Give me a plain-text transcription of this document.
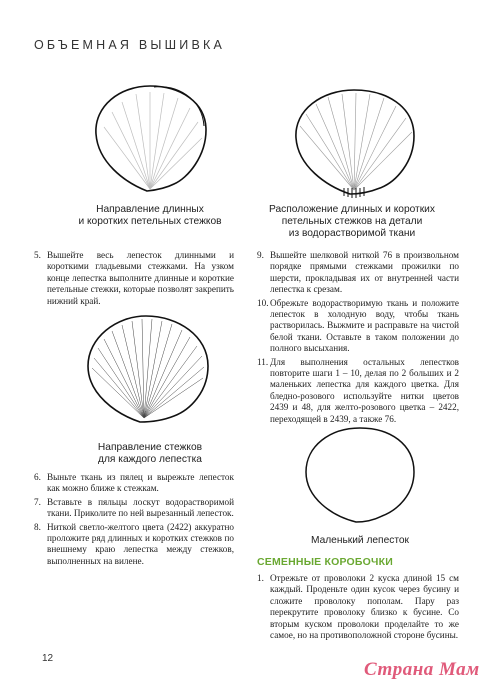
ОБЪЕМНАЯ ВЫШИВКА
Направление длинных
и коротких петельных стежков
Расположение длинных и коротких
петельных стежков на детали
из водорастворимой ткани
5. Вышейте весь лепесток длинными и короткими гладьевыми стежками. На узком конце лепестка выполните длинные и короткие петельные стежки, которые позволят закрепить нижний край.
Направление стежков
для каждого лепестка
6. Выньте ткань из пялец и вырежьте лепесток как можно ближе к стежкам.
7. Вставьте в пяльцы лоскут водорастворимой ткани. Приколите по ней вырезанный лепесток.
8. Ниткой светло-желтого цвета (2422) аккуратно проложите ряд длинных и коротких стежков по внешнему краю лепестка между стежков, выполненных на вилене.
9. Вышейте шелковой ниткой 76 в произвольном порядке прямыми стежками прожилки по шерсти, прокладывая их от внутренней части лепестка к срезам.
10. Обрежьте водорастворимую ткань и положите лепесток в холодную воду, чтобы ткань растворилась. Выжмите и расправьте на чистой белой ткани. Оставьте в таком положении до полного высыхания.
11. Для выполнения остальных лепестков повторите шаги 1 – 10, делая по 2 больших и 2 маленьких лепестка для каждого цветка. Для бледно-розового используйте нитки цветов 2439 и 48, для желто-розового цветка – 2422, переходящей в 2439, а также 76.
Маленький лепесток
СЕМЕННЫЕ КОРОБОЧКИ
1. Отрежьте от проволоки 2 куска длиной 15 см каждый. Проденьте один кусок через бусину и сложите проволоку пополам. Пару раз перекрутите проволоку близко к бусине. Со вторым куском проволоки проделайте то же самое, но на противоположной стороне бусины.
12
Страна Мам
